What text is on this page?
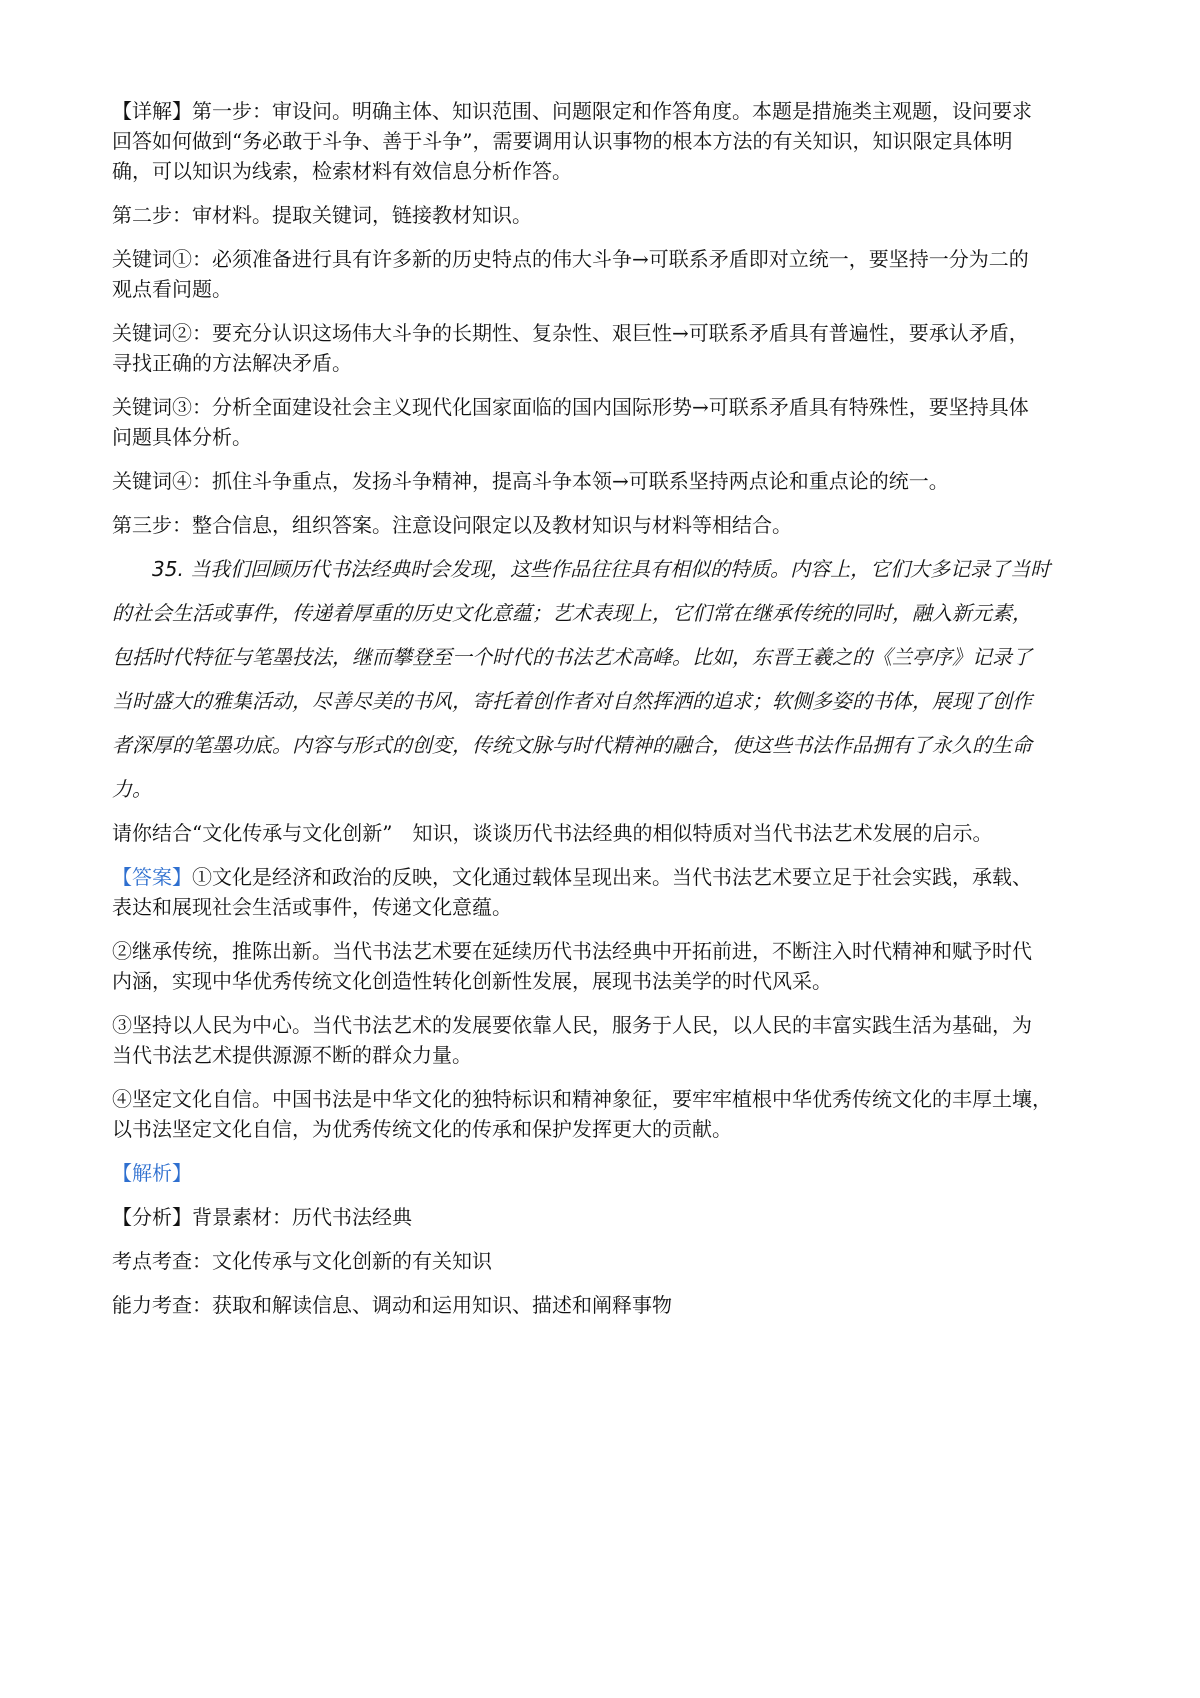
【详解】第一步：审设问。明确主体、知识范围、问题限定和作答角度。本题是措施类主观题，设问要求

回答如何做到“务必敢于斗争、善于斗争”，需要调用认识事物的根本方法的有关知识，知识限定具体明

确，可以知识为线索，检索材料有效信息分析作答。

第二步：审材料。提取关键词，链接教材知识。

关键词①：必须准备进行具有许多新的历史特点的伟大斗争→可联系矛盾即对立统一，要坚持一分为二的

观点看问题。

关键词②：要充分认识这场伟大斗争的长期性、复杂性、艰巨性→可联系矛盾具有普遍性，要承认矛盾，

寻找正确的方法解决矛盾。

关键词③：分析全面建设社会主义现代化国家面临的国内国际形势→可联系矛盾具有特殊性，要坚持具体

问题具体分析。

关键词④：抓住斗争重点，发扬斗争精神，提高斗争本领→可联系坚持两点论和重点论的统一。

第三步：整合信息，组织答案。注意设问限定以及教材知识与材料等相结合。

35. 当我们回顾历代书法经典时会发现，这些作品往往具有相似的特质。内容上，它们大多记录了当时

的社会生活或事件，传递着厚重的历史文化意蕴；艺术表现上，它们常在继承传统的同时，融入新元素，

包括时代特征与笔墨技法，继而攀登至一个时代的书法艺术高峰。比如，东晋王羲之的《兰亭序》记录了

当时盛大的雅集活动，尽善尽美的书风，寄托着创作者对自然挥洒的追求；软侧多姿的书体，展现了创作

者深厚的笔墨功底。内容与形式的创变，传统文脉与时代精神的融合，使这些书法作品拥有了永久的生命

力。

请你结合“文化传承与文化创新”　知识，谈谈历代书法经典的相似特质对当代书法艺术发展的启示。

【答案】①文化是经济和政治的反映，文化通过载体呈现出来。当代书法艺术要立足于社会实践，承载、

表达和展现社会生活或事件，传递文化意蕴。

②继承传统，推陈出新。当代书法艺术要在延续历代书法经典中开拓前进，不断注入时代精神和赋予时代

内涵，实现中华优秀传统文化创造性转化创新性发展，展现书法美学的时代风采。

③坚持以人民为中心。当代书法艺术的发展要依靠人民，服务于人民，以人民的丰富实践生活为基础，为

当代书法艺术提供源源不断的群众力量。

④坚定文化自信。中国书法是中华文化的独特标识和精神象征，要牢牢植根中华优秀传统文化的丰厚土壤，

以书法坚定文化自信，为优秀传统文化的传承和保护发挥更大的贡献。

【解析】

【分析】背景素材：历代书法经典

考点考查：文化传承与文化创新的有关知识

能力考查：获取和解读信息、调动和运用知识、描述和阐释事物
